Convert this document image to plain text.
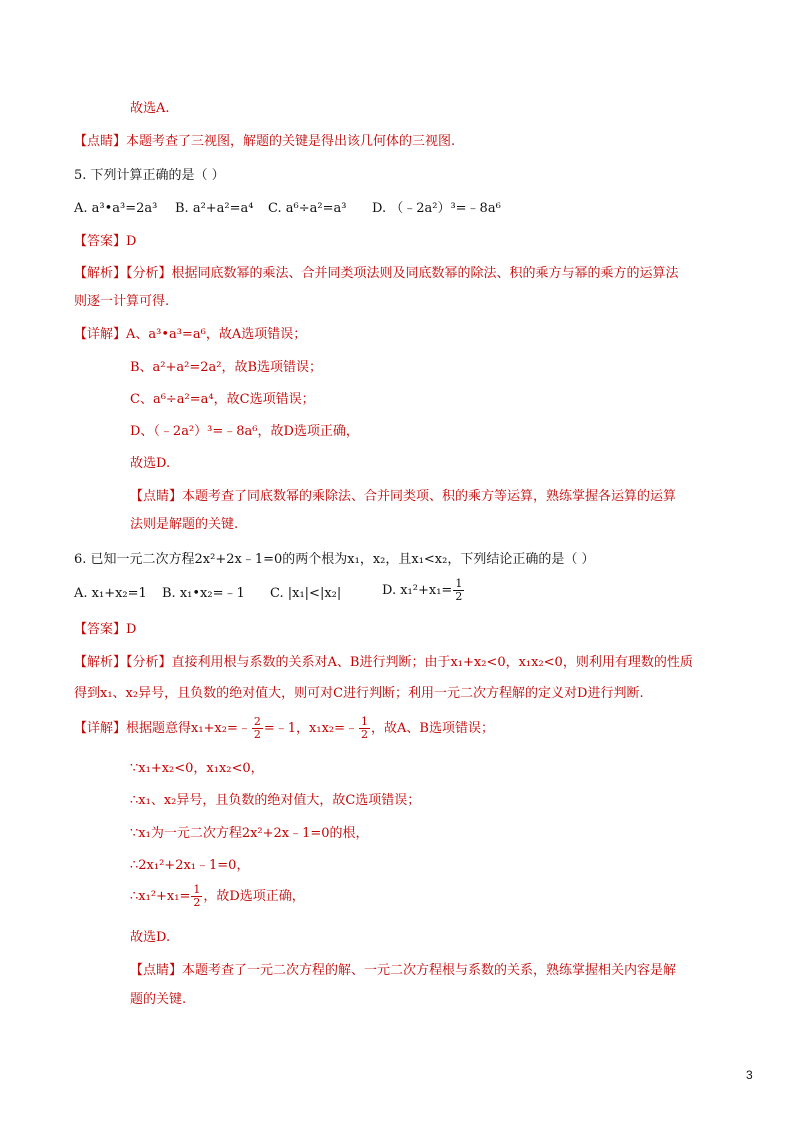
故选A.
【点睛】本题考查了三视图，解题的关键是得出该几何体的三视图.
5. 下列计算正确的是（ ）
A. a³•a³=2a³ B. a²+a²=a⁴ C. a⁶÷a²=a³ D. （﹣2a²）³=﹣8a⁶
【答案】D
【解析】【分析】根据同底数幂的乘法、合并同类项法则及同底数幂的除法、积的乘方与幂的乘方的运算法
则逐一计算可得.
【详解】A、a³•a³=a⁶，故A选项错误；
B、a²+a²=2a²，故B选项错误；
C、a⁶÷a²=a⁴，故C选项错误；
D、（﹣2a²）³=﹣8a⁶，故D选项正确，
故选D.
【点睛】本题考查了同底数幂的乘除法、合并同类项、积的乘方等运算，熟练掌握各运算的运算
法则是解题的关键.
6. 已知一元二次方程2x²+2x﹣1=0的两个根为x₁，x₂，且x₁<x₂，下列结论正确的是（ ）
A. x₁+x₂=1 B. x₁•x₂=﹣1 C. |x₁|<|x₂|	D. $x_1^2+x_1= \frac{1}{2}$
【答案】D
【解析】【分析】直接利用根与系数的关系对A、B进行判断；由于x₁+x₂<0，x₁x₂<0，则利用有理数的性质
得到x₁、x₂异号，且负数的绝对值大，则可对C进行判断；利用一元二次方程解的定义对D进行判断.
【详解】根据题意得x₁+x₂=﹣ $\frac{2}{2}$ =﹣1，x₁x₂=﹣ $\frac{1}{2}$ ，故A、B选项错误；
∵x₁+x₂<0，x₁x₂<0，
∴x₁、x₂异号，且负数的绝对值大，故C选项错误；
∵x₁为一元二次方程2x²+2x﹣1=0的根，
∴2x₁²+2x₁﹣1=0，
∴x₁²+x₁= $\frac{1}{2}$ ，故D选项正确，
故选D.
【点睛】本题考查了一元二次方程的解、一元二次方程根与系数的关系，熟练掌握相关内容是解
题的关键.
3
